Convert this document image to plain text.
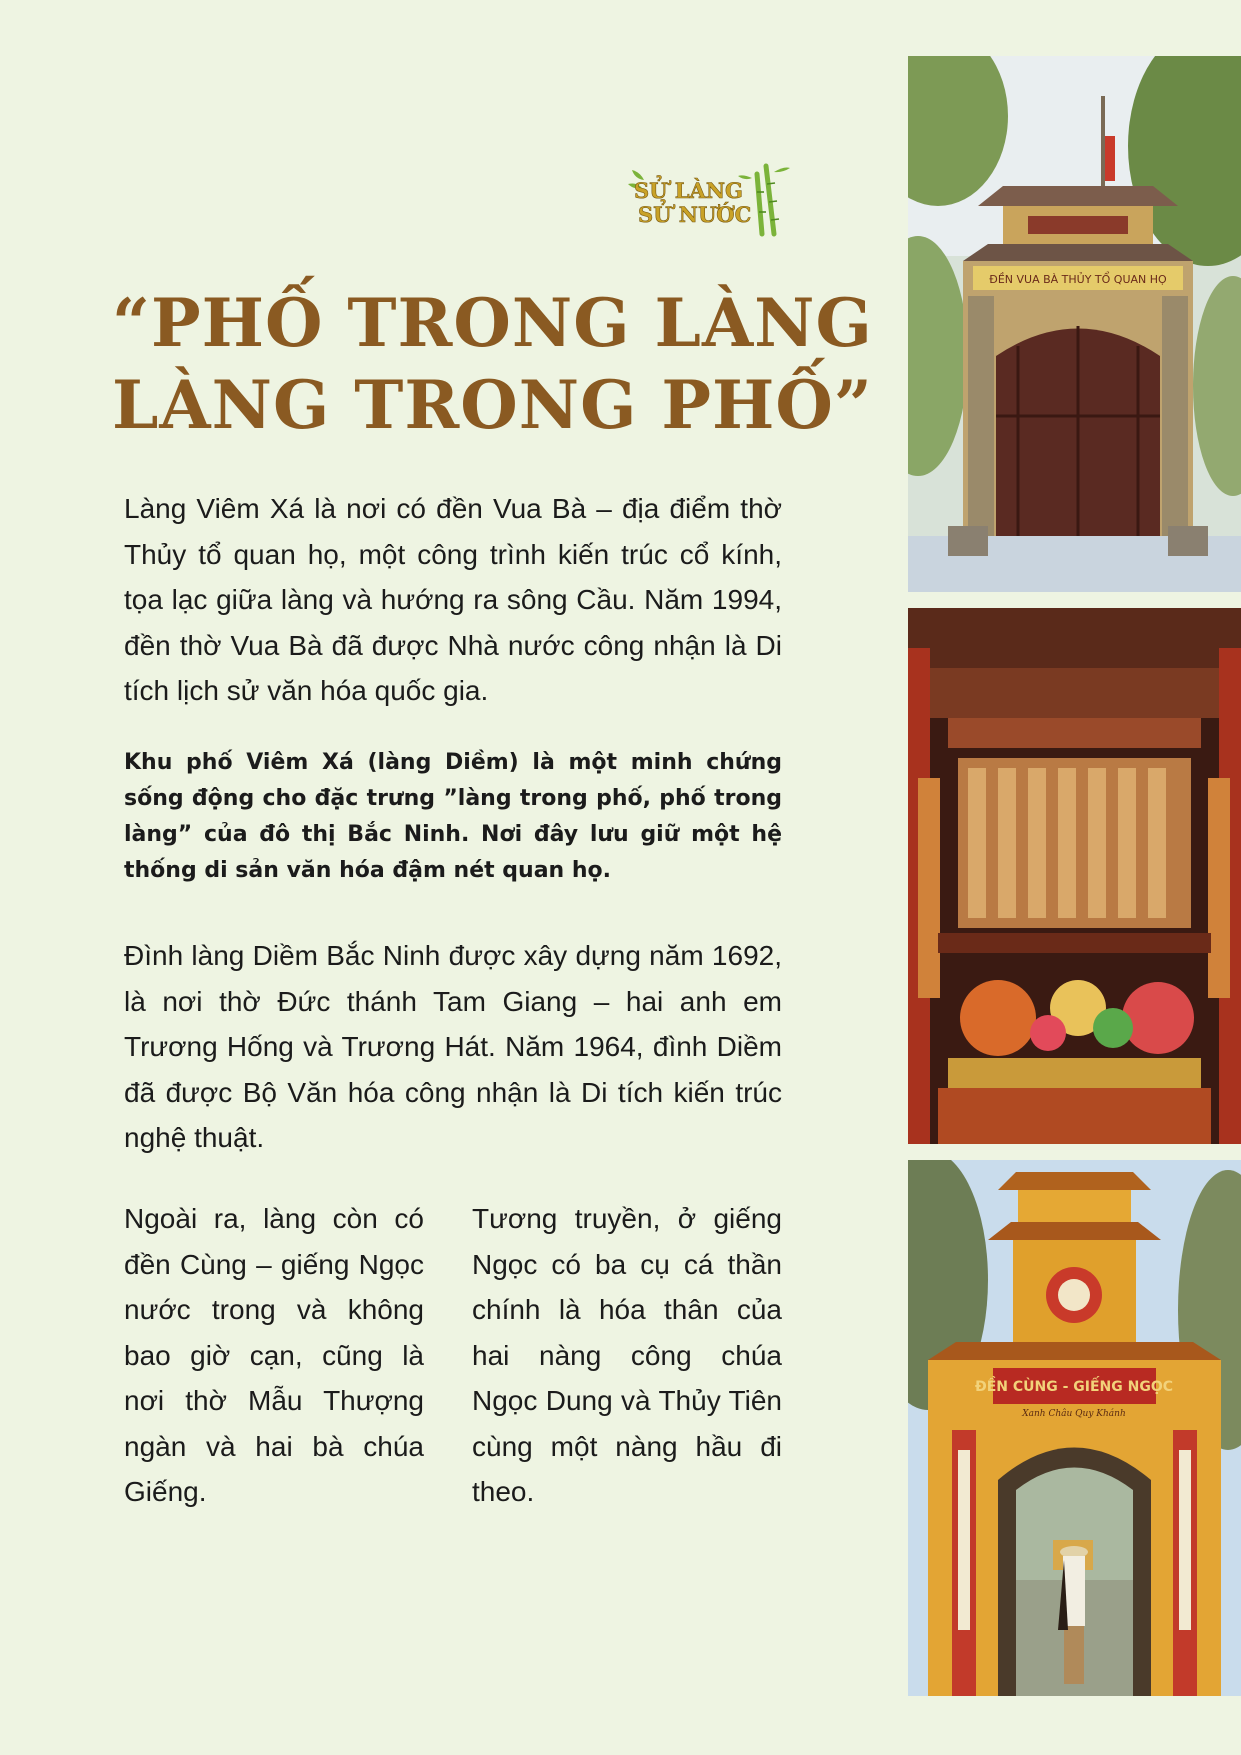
SỬ LÀNG
SỬ NƯỚC
“PHỐ TRONG LÀNG
LÀNG TRONG PHỐ”

Làng Viêm Xá là nơi có đền Vua Bà – địa điểm thờ Thủy tổ quan họ, một công trình kiến trúc cổ kính, tọa lạc giữa làng và hướng ra sông Cầu. Năm 1994, đền thờ Vua Bà đã được Nhà nước công nhận là Di tích lịch sử văn hóa quốc gia.

Khu phố Viêm Xá (làng Diềm) là một minh chứng sống động cho đặc trưng ”làng trong phố, phố trong làng” của đô thị Bắc Ninh. Nơi đây lưu giữ một hệ thống di sản văn hóa đậm nét quan họ.

Đình làng Diềm Bắc Ninh được xây dựng năm 1692, là nơi thờ Đức thánh Tam Giang – hai anh em Trương Hống và Trương Hát. Năm 1964, đình Diềm đã được Bộ Văn hóa công nhận là Di tích kiến trúc nghệ thuật.

Ngoài ra, làng còn có đền Cùng – giếng Ngọc nước trong và không bao giờ cạn, cũng là nơi thờ Mẫu Thượng ngàn và hai bà chúa Giếng.

Tương truyền, ở giếng Ngọc có ba cụ cá thần chính là hóa thân của hai nàng công chúa Ngọc Dung và Thủy Tiên cùng một nàng hầu đi theo.

ĐỀN VUA BÀ THỦY TỔ QUAN HỌ
ĐỀN CÙNG - GIẾNG NGỌC
Xanh Châu Quy Khánh
